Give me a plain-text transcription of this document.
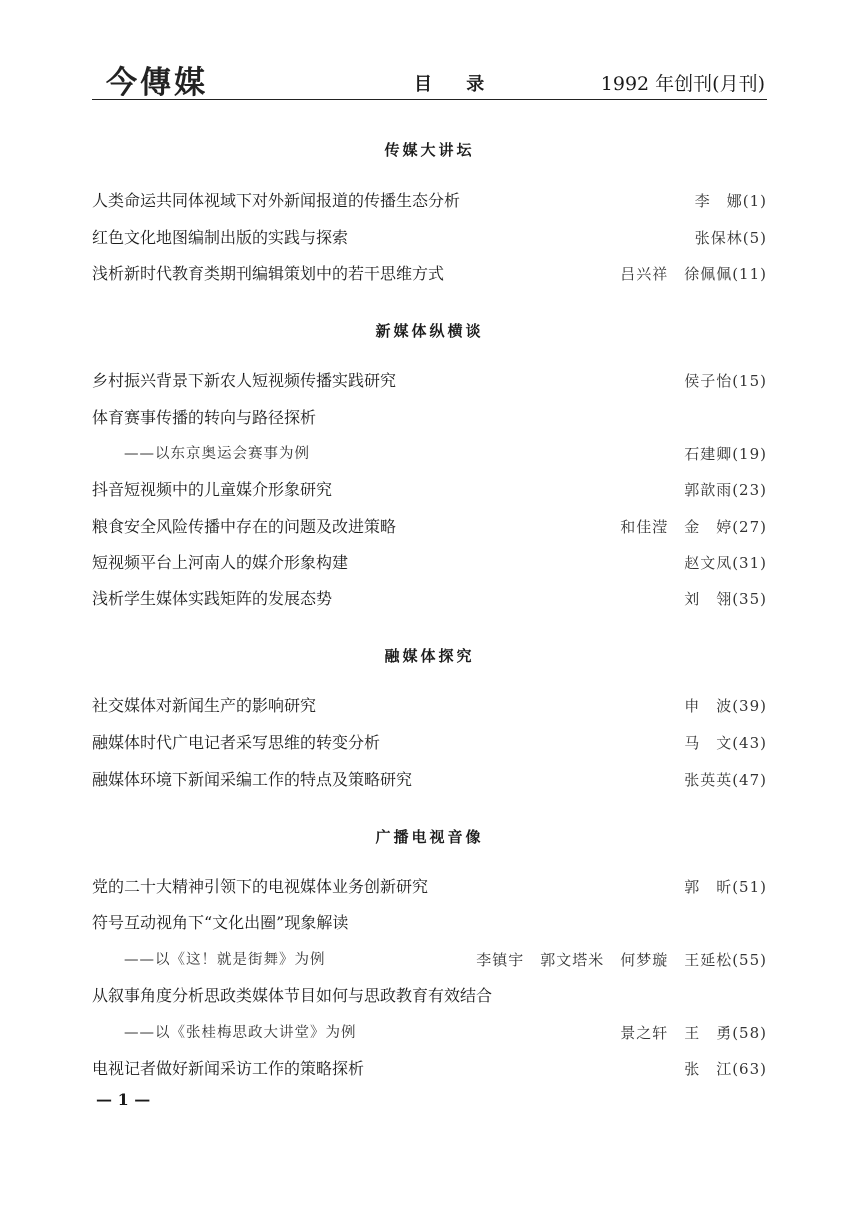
今傳媒	目 录	1992 年创刊(月刊)
传媒大讲坛
人类命运共同体视域下对外新闻报道的传播生态分析	李　娜(1)
红色文化地图编制出版的实践与探索	张保林(5)
浅析新时代教育类期刊编辑策划中的若干思维方式	吕兴祥　徐佩佩(11)
新媒体纵横谈
乡村振兴背景下新农人短视频传播实践研究	侯子怡(15)
体育赛事传播的转向与路径探析
——以东京奥运会赛事为例	石建卿(19)
抖音短视频中的儿童媒介形象研究	郭歆雨(23)
粮食安全风险传播中存在的问题及改进策略	和佳滢　金　婷(27)
短视频平台上河南人的媒介形象构建	赵文凤(31)
浅析学生媒体实践矩阵的发展态势	刘　翎(35)
融媒体探究
社交媒体对新闻生产的影响研究	申　波(39)
融媒体时代广电记者采写思维的转变分析	马　文(43)
融媒体环境下新闻采编工作的特点及策略研究	张英英(47)
广播电视音像
党的二十大精神引领下的电视媒体业务创新研究	郭　昕(51)
符号互动视角下“文化出圈”现象解读
——以《这！就是街舞》为例	李镇宇　郭文塔米　何梦璇　王延松(55)
从叙事角度分析思政类媒体节目如何与思政教育有效结合
——以《张桂梅思政大讲堂》为例	景之轩　王　勇(58)
电视记者做好新闻采访工作的策略探析	张　江(63)
— 1 —
